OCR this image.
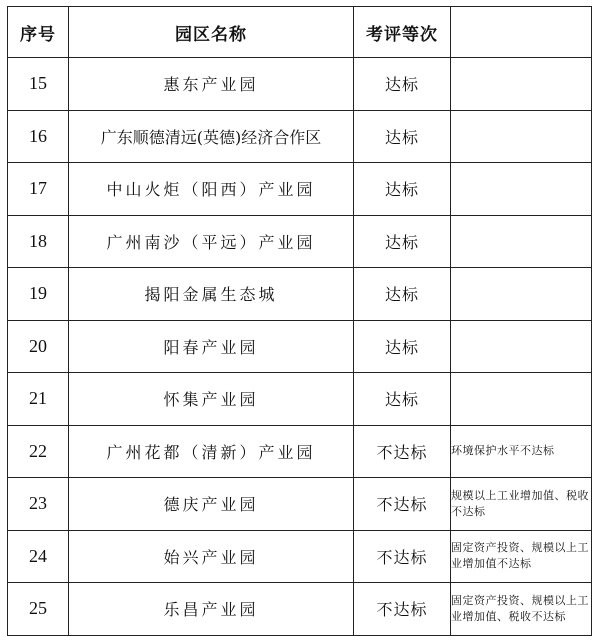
序号	园区名称	考评等次	
15	惠东产业园	达标	
16	广东顺德清远(英德)经济合作区	达标	
17	中山火炬（阳西）产业园	达标	
18	广州南沙（平远）产业园	达标	
19	揭阳金属生态城	达标	
20	阳春产业园	达标	
21	怀集产业园	达标	
22	广州花都（清新）产业园	不达标	环境保护水平不达标
23	德庆产业园	不达标	规模以上工业增加值、税收不达标
24	始兴产业园	不达标	固定资产投资、规模以上工业增加值不达标
25	乐昌产业园	不达标	固定资产投资、规模以上工业增加值、税收不达标
